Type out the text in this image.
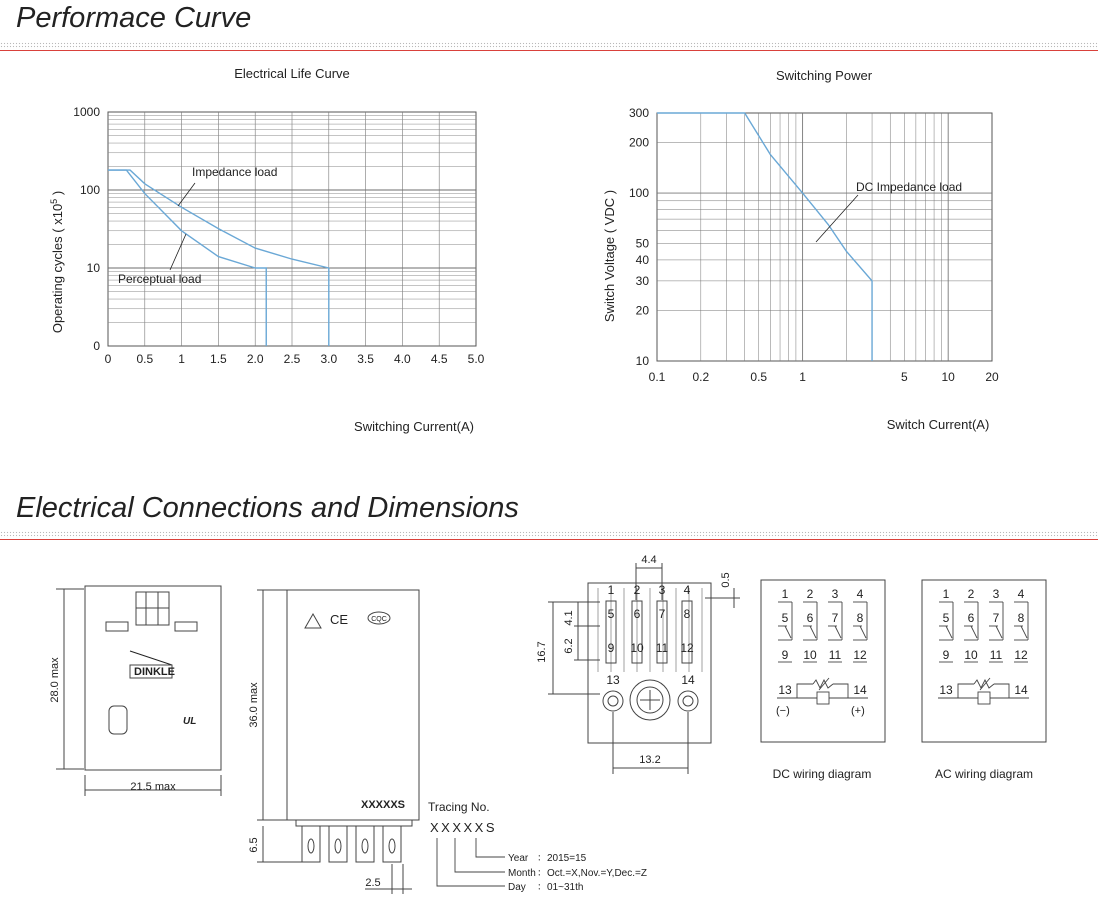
Performace Curve
Electrical Connections and Dimensions
Electrical Life Curve
0 0.5 1 1.5 2.0 2.5 3.0 3.5 4.0 4.5 5.0
0
10
100
1000
Impedance load
Perceptual load
Switching Current(A)
Operating cycles ( $x10^5$ )
Switching Power
0.1 0.2	0.5	1	5	10	20
10
20
30
40
50
100
200
300
DC Impedance load
Switch Current(A)
Switch Voltage ( VDC )
DINKLE
UL
28.0 max
21.5 max
CE	CQC
XXXXXS
36.0 max
6.5
2.5
Tracing No.
XXXXXS
Year ：2015=15
Month ：Oct.=X,Nov.=Y,Dec.=Z
Day ：01~31th
1 2 3 4
5 6 7 8
9 10 11 12
13	14
4.4
0.5
16.7
4.1
6.2
13.2
1
5
9
2
6
10
3
7
11
4
8
12
13	14
(−)	(+)
DC wiring diagram
1
5
9
2
6
10
3
7
11
4
8
12
13	14
AC wiring diagram
